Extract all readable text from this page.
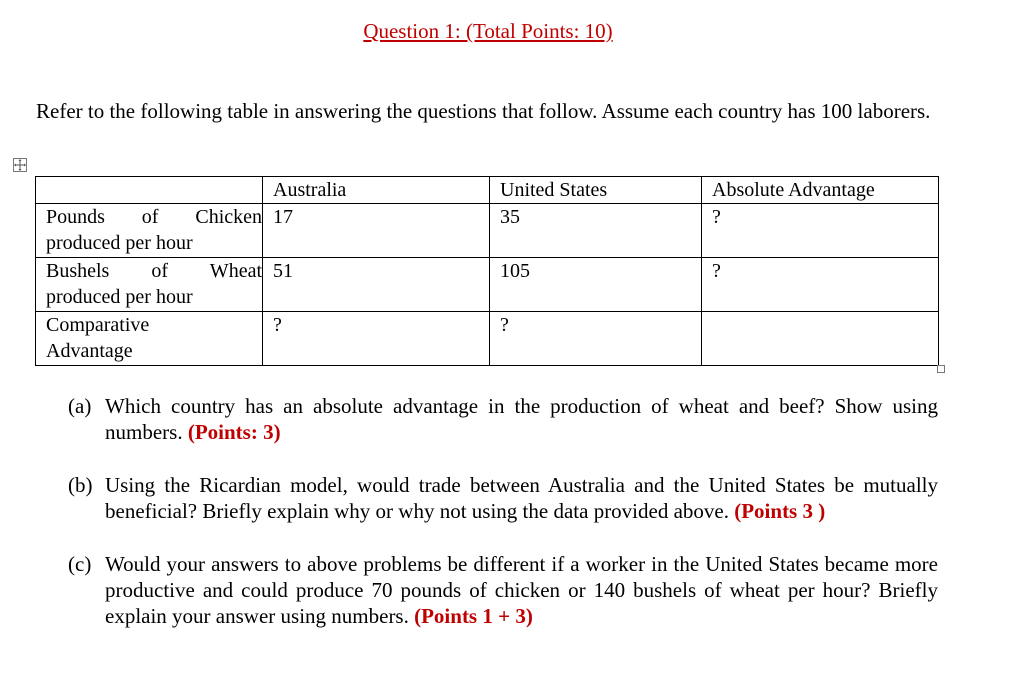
Question 1: (Total Points: 10)

Refer to the following table in answering the questions that follow. Assume each country has 100 laborers.

	Australia	United States	Absolute Advantage
Pounds of Chicken produced per hour	17	35	?
Bushels of Wheat produced per hour	51	105	?

Comparative Advantage	?	?	
(a) Which country has an absolute advantage in the production of wheat and beef? Show using numbers. (Points: 3)
(b) Using the Ricardian model, would trade between Australia and the United States be mutually beneficial? Briefly explain why or why not using the data provided above. (Points 3 )
(c) Would your answers to above problems be different if a worker in the United States became more productive and could produce 70 pounds of chicken or 140 bushels of wheat per hour? Briefly explain your answer using numbers. (Points 1 + 3)
